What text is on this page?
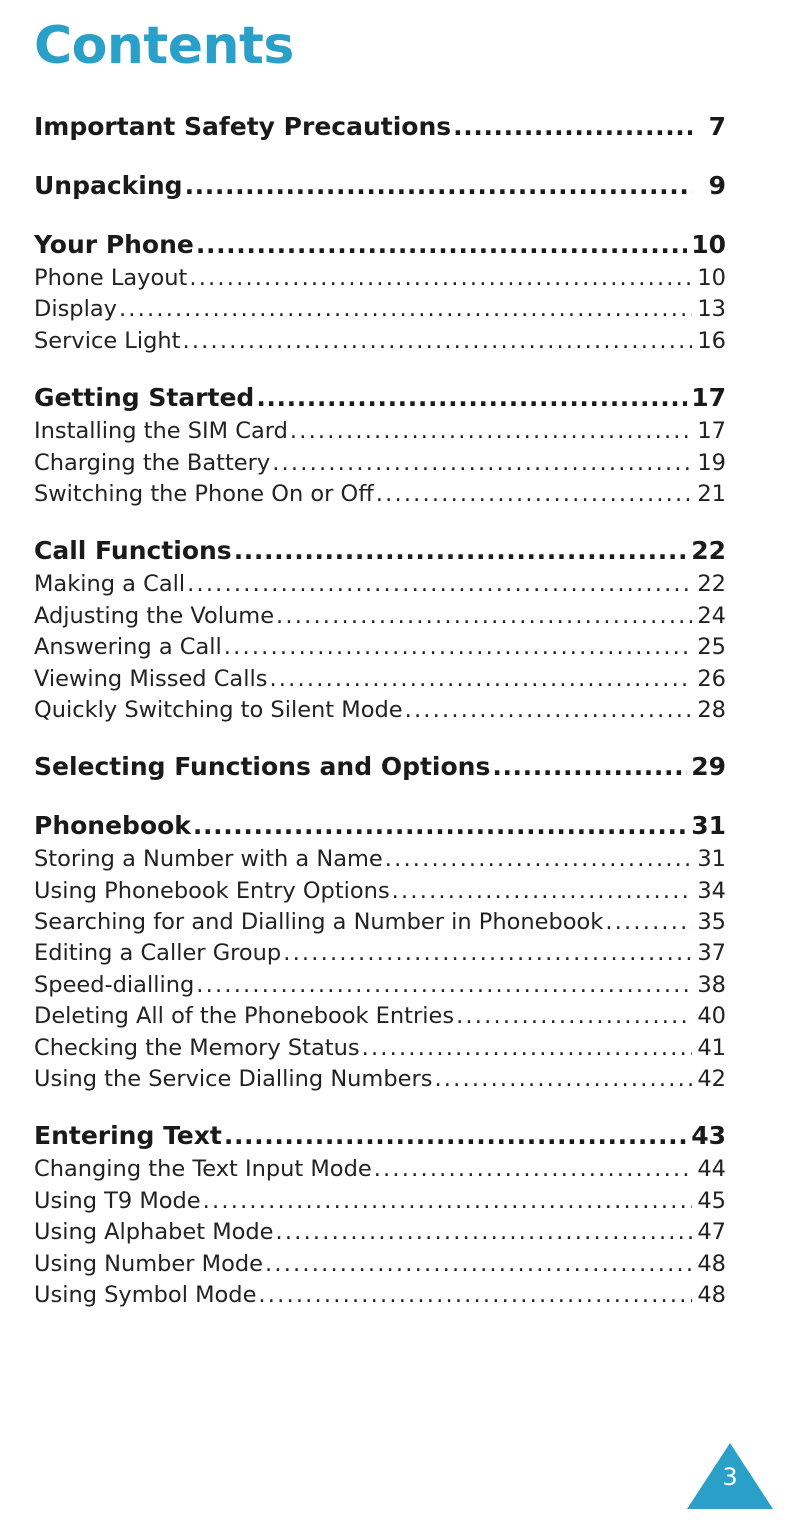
Contents
Important Safety Precautions .....	7
Unpacking .....	9
Your Phone .....	10
Phone Layout .....	10
Display .....	13
Service Light .....	16
Getting Started .....	17
Installing the SIM Card .....	17
Charging the Battery .....	19
Switching the Phone On or Off .....	21
Call Functions .....	22
Making a Call .....	22
Adjusting the Volume .....	24
Answering a Call .....	25
Viewing Missed Calls .....	26
Quickly Switching to Silent Mode .....	28
Selecting Functions and Options .....	29
Phonebook .....	31
Storing a Number with a Name .....	31
Using Phonebook Entry Options .....	34
Searching for and Dialling a Number in Phonebook .....	35
Editing a Caller Group .....	37
Speed-dialling .....	38
Deleting All of the Phonebook Entries .....	40
Checking the Memory Status .....	41
Using the Service Dialling Numbers .....	42
Entering Text .....	43
Changing the Text Input Mode .....	44
Using T9 Mode .....	45
Using Alphabet Mode .....	47
Using Number Mode .....	48
Using Symbol Mode .....	48
3
